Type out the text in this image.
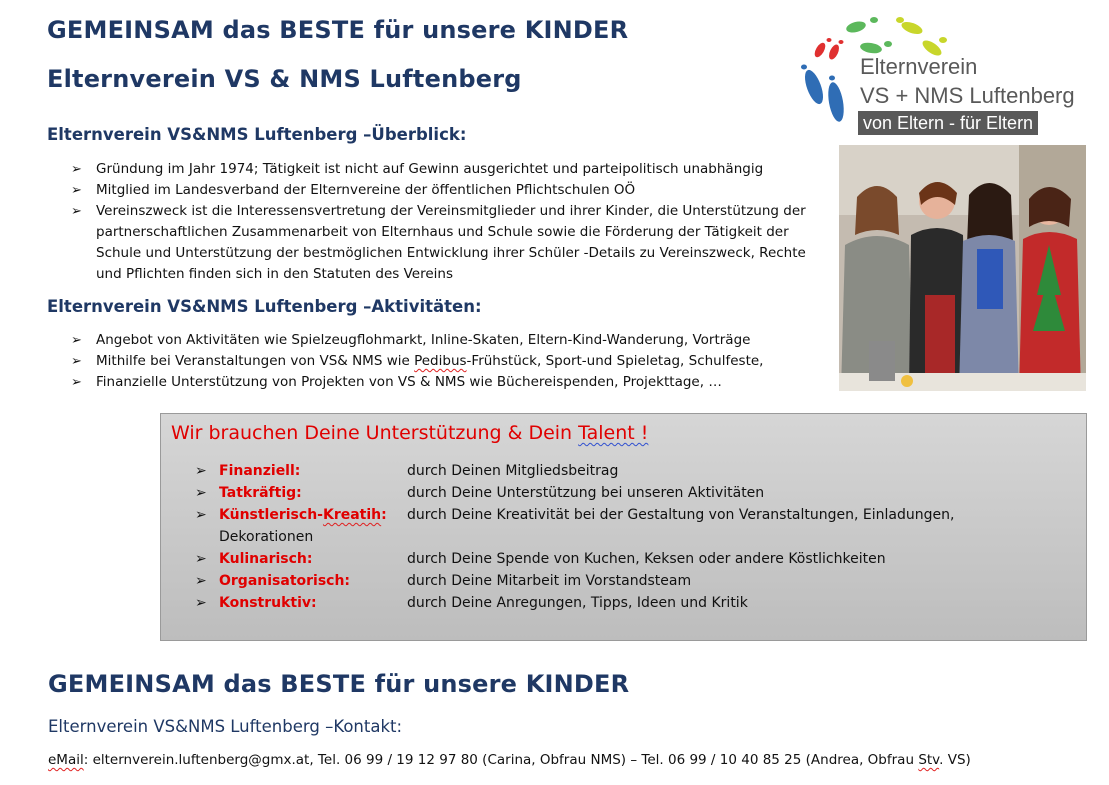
GEMEINSAM das BESTE für unsere KINDER
Elternverein VS & NMS Luftenberg	Elternverein
VS + NMS Luftenberg
von Eltern - für Eltern
Elternverein VS&NMS Luftenberg –Überblick:
➢ Gründung im Jahr 1974; Tätigkeit ist nicht auf Gewinn ausgerichtet und parteipolitisch unabhängig
➢ Mitglied im Landesverband der Elternvereine der öffentlichen Pflichtschulen OÖ
➢ Vereinszweck ist die Interessensvertretung der Vereinsmitglieder und ihrer Kinder, die Unterstützung der partnerschaftlichen Zusammenarbeit von Elternhaus und Schule sowie die Förderung der Tätigkeit der Schule und Unterstützung der bestmöglichen Entwicklung ihrer Schüler -Details zu Vereinszweck, Rechte und Pflichten finden sich in den Statuten des Vereins
Elternverein VS&NMS Luftenberg –Aktivitäten:
➢ Angebot von Aktivitäten wie Spielzeugflohmarkt, Inline-Skaten, Eltern-Kind-Wanderung, Vorträge
➢ Mithilfe bei Veranstaltungen von VS& NMS wie Pedibus-Frühstück, Sport-und Spieletag, Schulfeste,
➢ Finanzielle Unterstützung von Projekten von VS & NMS wie Büchereispenden, Projekttage, …
Wir brauchen Deine Unterstützung & Dein Talent !
➢ Finanziell:	durch Deinen Mitgliedsbeitrag
➢ Tatkräftig:	durch Deine Unterstützung bei unseren Aktivitäten
➢ Künstlerisch-Kreatih: durch Deine Kreativität bei der Gestaltung von Veranstaltungen, Einladungen,
Dekorationen
➢ Kulinarisch:	durch Deine Spende von Kuchen, Keksen oder andere Köstlichkeiten
➢ Organisatorisch:	durch Deine Mitarbeit im Vorstandsteam
➢ Konstruktiv:	durch Deine Anregungen, Tipps, Ideen und Kritik
GEMEINSAM das BESTE für unsere KINDER
Elternverein VS&NMS Luftenberg –Kontakt:
eMail: elternverein.luftenberg@gmx.at, Tel. 06 99 / 19 12 97 80 (Carina, Obfrau NMS) – Tel. 06 99 / 10 40 85 25 (Andrea, Obfrau Stv. VS)
